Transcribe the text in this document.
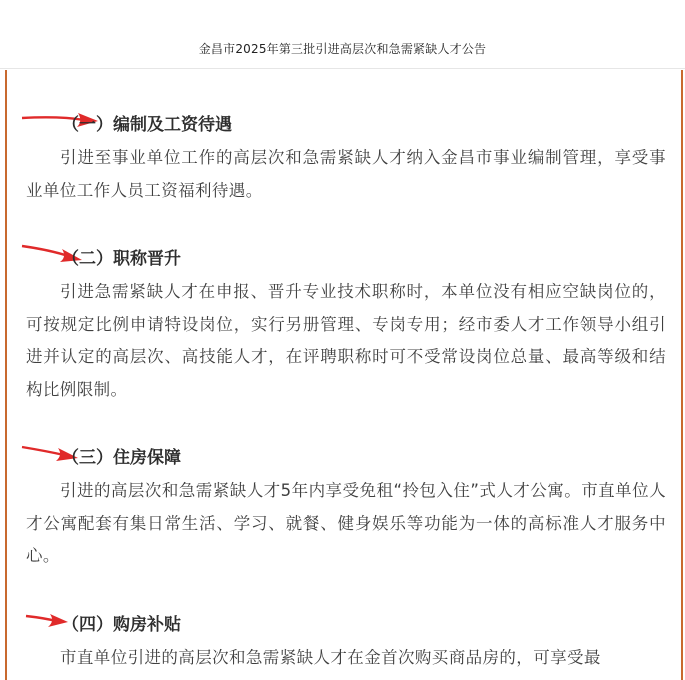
金昌市2025年第三批引进高层次和急需紧缺人才公告
（一）编制及工资待遇

引进至事业单位工作的高层次和急需紧缺人才纳入金昌市事业编制管理，享受事业单位工作人员工资福利待遇。

（二）职称晋升

引进急需紧缺人才在申报、晋升专业技术职称时，本单位没有相应空缺岗位的，可按规定比例申请特设岗位，实行另册管理、专岗专用；经市委人才工作领导小组引进并认定的高层次、高技能人才，在评聘职称时可不受常设岗位总量、最高等级和结构比例限制。

（三）住房保障

引进的高层次和急需紧缺人才5年内享受免租“拎包入住”式人才公寓。市直单位人才公寓配套有集日常生活、学习、就餐、健身娱乐等功能为一体的高标准人才服务中心。

（四）购房补贴

市直单位引进的高层次和急需紧缺人才在金首次购买商品房的，可享受最
